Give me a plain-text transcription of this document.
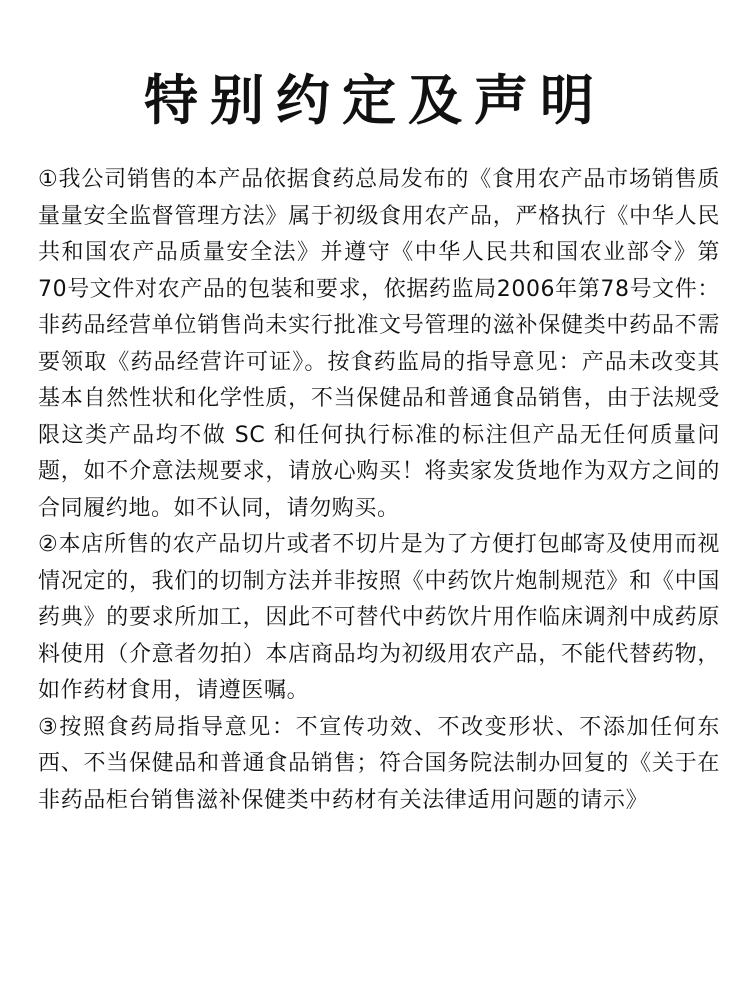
特别约定及声明

①我公司销售的本产品依据食药总局发布的《食用农产品市场销售质量量安全监督管理方法》属于初级食用农产品，严格执行《中华人民共和国农产品质量安全法》并遵守《中华人民共和国农业部令》第70号文件对农产品的包装和要求，依据药监局2006年第78号文件：非药品经营单位销售尚未实行批准文号管理的滋补保健类中药品不需要领取《药品经营许可证》。按食药监局的指导意见：产品未改变其基本自然性状和化学性质，不当保健品和普通食品销售，由于法规受限这类产品均不做 SC 和任何执行标准的标注但产品无任何质量问题，如不介意法规要求，请放心购买！将卖家发货地作为双方之间的合同履约地。如不认同，请勿购买。

②本店所售的农产品切片或者不切片是为了方便打包邮寄及使用而视情况定的，我们的切制方法并非按照《中药饮片炮制规范》和《中国药典》的要求所加工，因此不可替代中药饮片用作临床调剂中成药原料使用（介意者勿拍）本店商品均为初级用农产品，不能代替药物，如作药材食用，请遵医嘱。

③按照食药局指导意见：不宣传功效、不改变形状、不添加任何东西、不当保健品和普通食品销售；符合国务院法制办回复的《关于在非药品柜台销售滋补保健类中药材有关法律适用问题的请示》
